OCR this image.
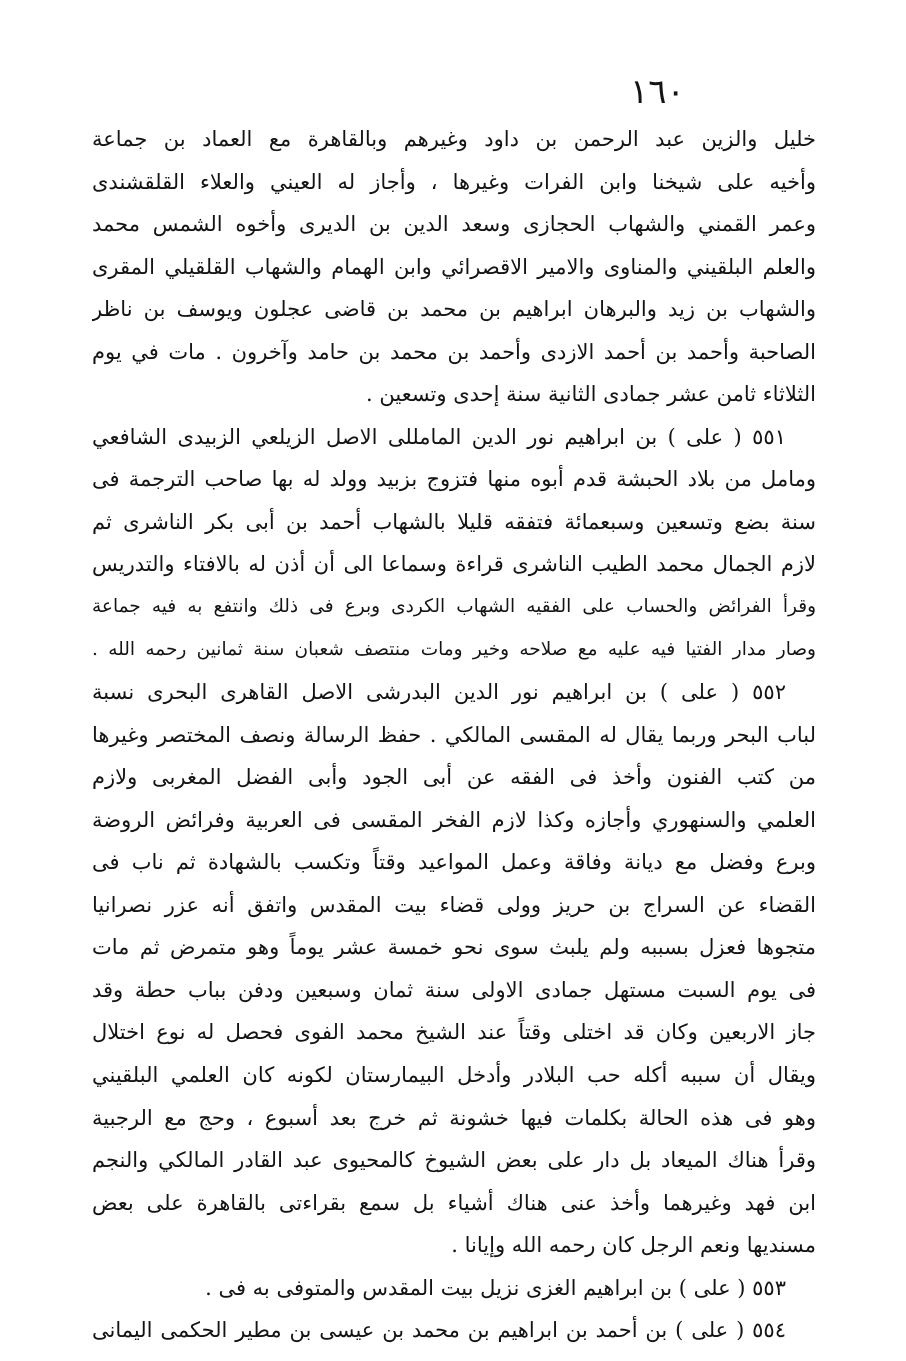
١٦٠
خليل والزين عبد الرحمن بن داود وغيرهم وبالقاهرة مع العماد بن جماعة
وأخيه على شيخنا وابن الفرات وغيرها ، وأجاز له العيني والعلاء القلقشندى
وعمر القمني والشهاب الحجازى وسعد الدين بن الديرى وأخوه الشمس محمد
والعلم البلقيني والمناوى والامير الاقصرائي وابن الهمام والشهاب القلقيلي المقرى
والشهاب بن زيد والبرهان ابراهيم بن محمد بن قاضى عجلون ويوسف بن ناظر
الصاحبة وأحمد بن أحمد الازدى وأحمد بن محمد بن حامد وآخرون . مات في يوم
الثلاثاء ثامن عشر جمادى الثانية سنة إحدى وتسعين .
٥٥١ ( على ) بن ابراهيم نور الدين المامللى الاصل الزيلعي الزبيدى الشافعي
ومامل من بلاد الحبشة قدم أبوه منها فتزوج بزبيد وولد له بها صاحب الترجمة فى
سنة بضع وتسعين وسبعمائة فتفقه قليلا بالشهاب أحمد بن أبى بكر الناشرى ثم
لازم الجمال محمد الطيب الناشرى قراءة وسماعا الى أن أذن له بالافتاء والتدريس
وقرأ الفرائض والحساب على الفقيه الشهاب الكردى وبرع فى ذلك وانتفع به فيه جماعة
وصار مدار الفتيا فيه عليه مع صلاحه وخير ومات منتصف شعبان سنة ثمانين رحمه الله .
٥٥٢ ( على ) بن ابراهيم نور الدين البدرشى الاصل القاهرى البحرى نسبة
لباب البحر وربما يقال له المقسى المالكي . حفظ الرسالة ونصف المختصر وغيرها
من كتب الفنون وأخذ فى الفقه عن أبى الجود وأبى الفضل المغربى ولازم
العلمي والسنهوري وأجازه وكذا لازم الفخر المقسى فى العربية وفرائض الروضة
وبرع وفضل مع ديانة وفاقة وعمل المواعيد وقتاً وتكسب بالشهادة ثم ناب فى
القضاء عن السراج بن حريز وولى قضاء بيت المقدس واتفق أنه عزر نصرانيا
متجوها فعزل بسببه ولم يلبث سوى نحو خمسة عشر يوماً وهو متمرض ثم مات
فى يوم السبت مستهل جمادى الاولى سنة ثمان وسبعين ودفن بباب حطة وقد
جاز الاربعين وكان قد اختلى وقتاً عند الشيخ محمد الفوى فحصل له نوع اختلال
ويقال أن سببه أكله حب البلادر وأدخل البيمارستان لكونه كان العلمي البلقيني
وهو فى هذه الحالة بكلمات فيها خشونة ثم خرج بعد أسبوع ، وحج مع الرجبية
وقرأ هناك الميعاد بل دار على بعض الشيوخ كالمحيوى عبد القادر المالكي والنجم
ابن فهد وغيرهما وأخذ عنى هناك أشياء بل سمع بقراءتى بالقاهرة على بعض
مسنديها ونعم الرجل كان رحمه الله وإيانا .
٥٥٣ ( على ) بن ابراهيم الغزى نزيل بيت المقدس والمتوفى به فى .
٥٥٤ ( على ) بن أحمد بن ابراهيم بن محمد بن عيسى بن مطير الحكمى اليمانى
